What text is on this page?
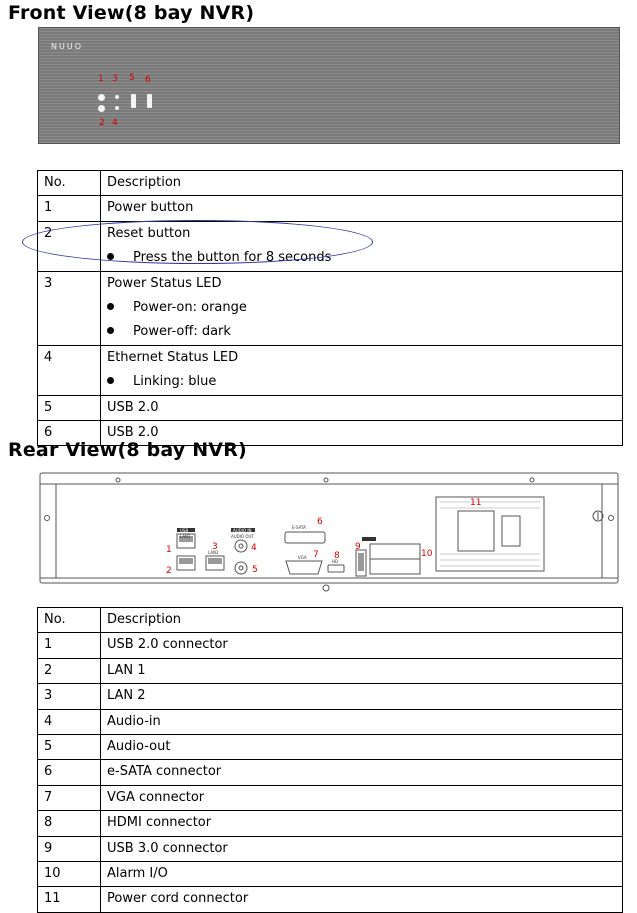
Front View(8 bay NVR)
nuuo
1 3 5 6
2 4
No.	Description

1	Power button

2	Reset button
Press the button for 8 seconds

3	Power Status LED
Power-on: orange
Power-off: dark

4	Ethernet Status LED
Linking: blue

5	USB 2.0

6	USB 2.0
Rear View(8 bay NVR)
1
2
3	4
5
6
7 8
9
10
11
USB
LAN1
LAN2
AUDIO IN
AUDIO OUT
E-SATA
VGA
HD
No.	Description

1	USB 2.0 connector

2	LAN 1

3	LAN 2

4	Audio-in

5	Audio-out

6	e-SATA connector

7	VGA connector

8	HDMI connector

9	USB 3.0 connector

10	Alarm I/O

11	Power cord connector
